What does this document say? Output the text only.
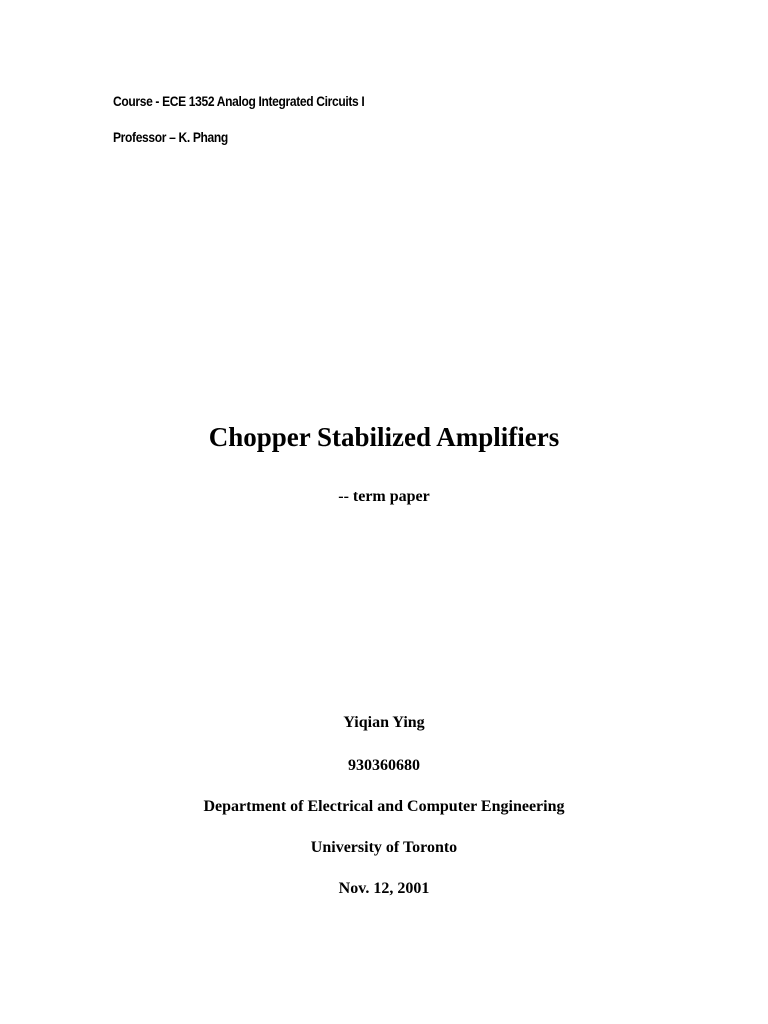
Course - ECE 1352 Analog Integrated Circuits I
Professor – K. Phang
Chopper Stabilized Amplifiers
-- term paper
Yiqian Ying
930360680
Department of Electrical and Computer Engineering
University of Toronto
Nov. 12, 2001
